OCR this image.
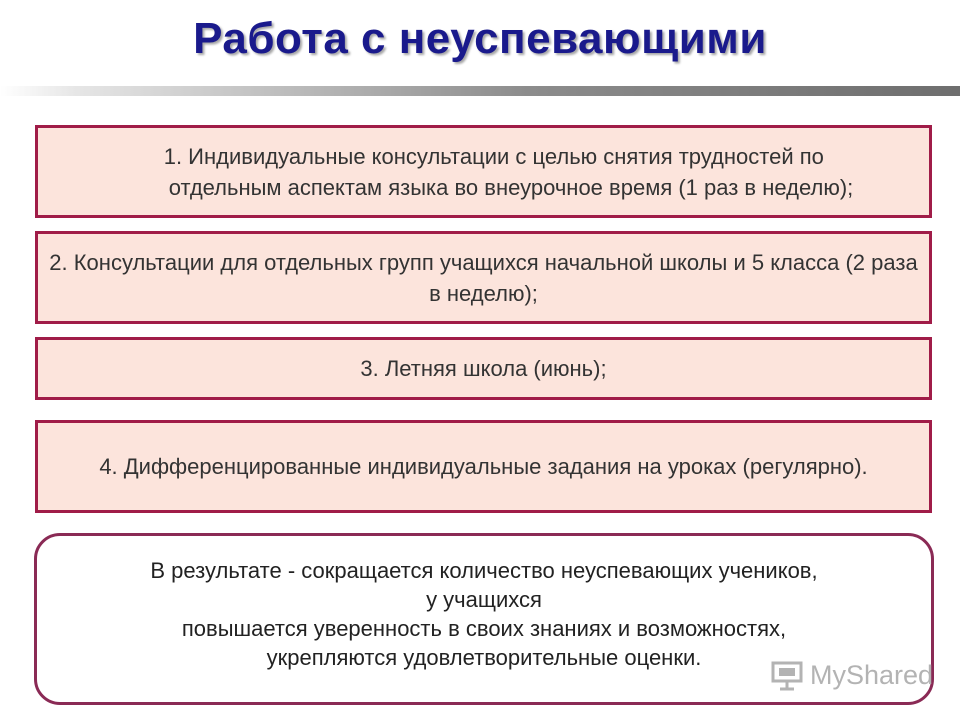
Работа с неуспевающими
1. Индивидуальные консультации с целью снятия трудностей по
отдельным аспектам языка во внеурочное время (1 раз в неделю);
2. Консультации для отдельных групп учащихся начальной школы и 5 класса (2 раза в неделю);
3. Летняя школа (июнь);
4. Дифференцированные индивидуальные задания на уроках (регулярно).
В результате - сокращается количество неуспевающих учеников,
у учащихся
повышается уверенность в своих знаниях и возможностях,
укрепляются удовлетворительные оценки.
MyShared
